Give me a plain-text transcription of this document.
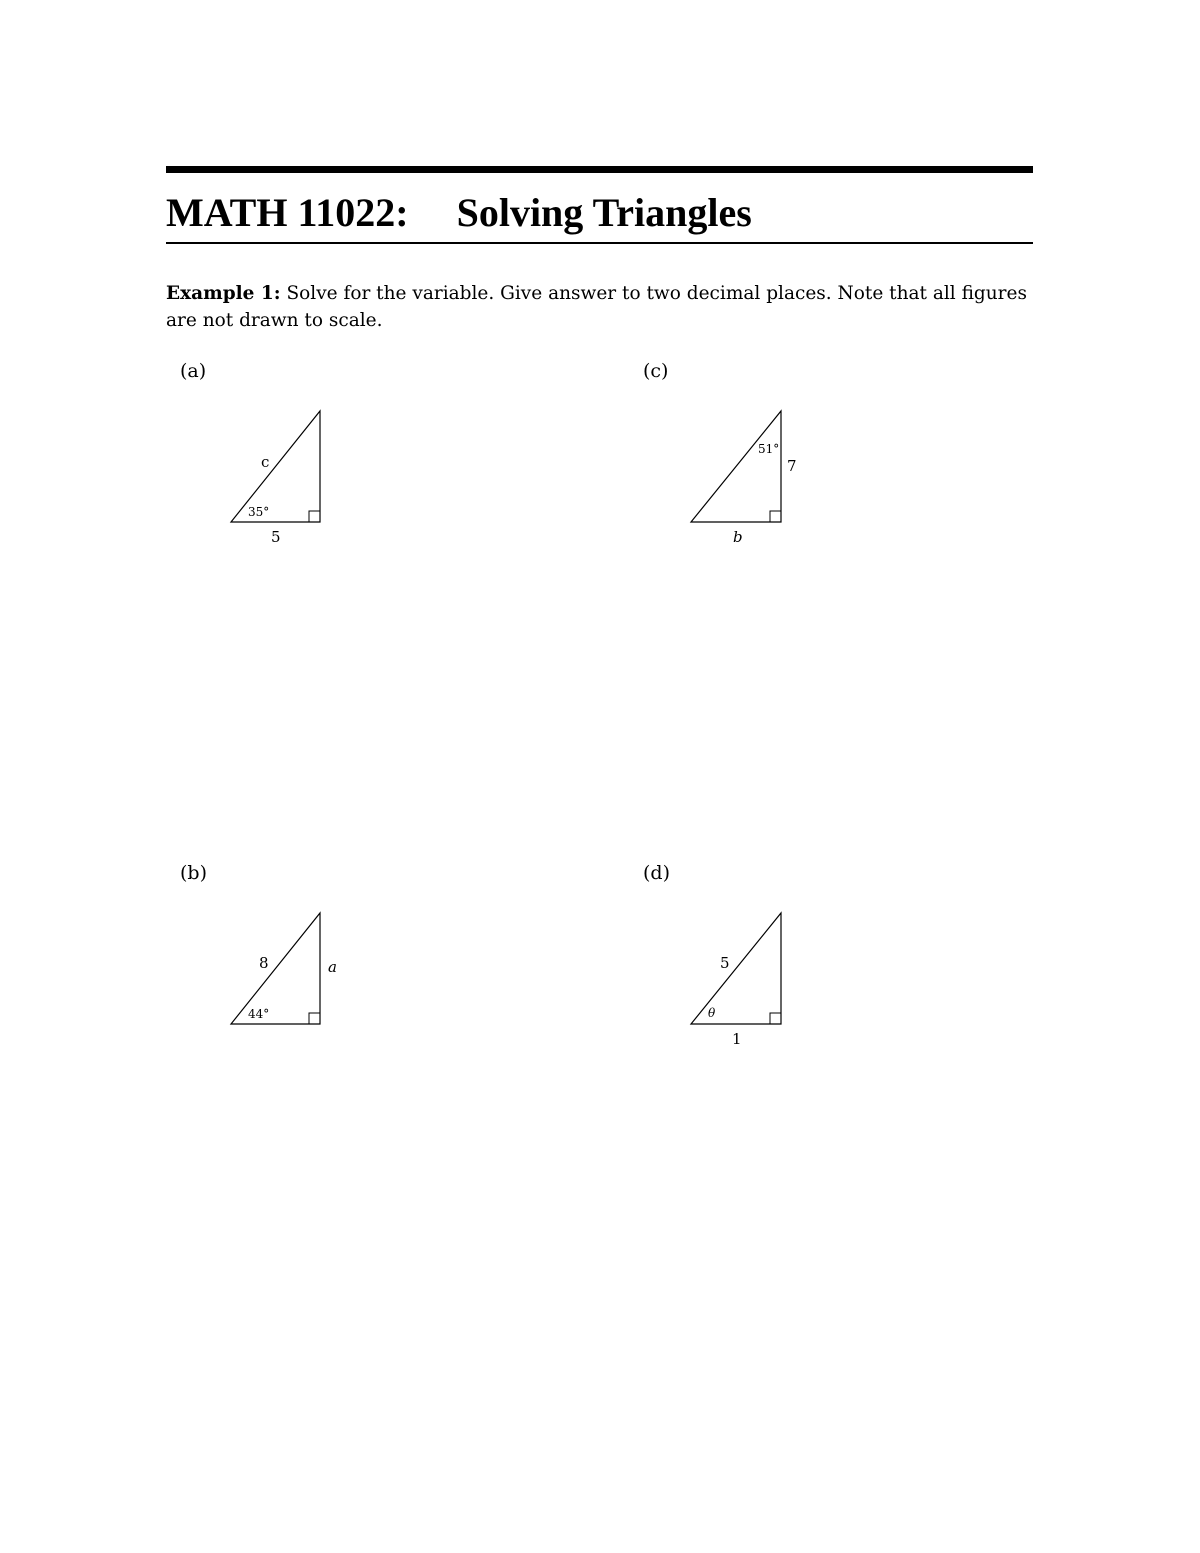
MATH 11022: Solving Triangles

Example 1: Solve for the variable. Give answer to two decimal places. Note that all figures are not drawn to scale.

(a)
35°
c
5
(c)
51°
7
b
(b)
44°
8	a
(d)
θ
5
1
